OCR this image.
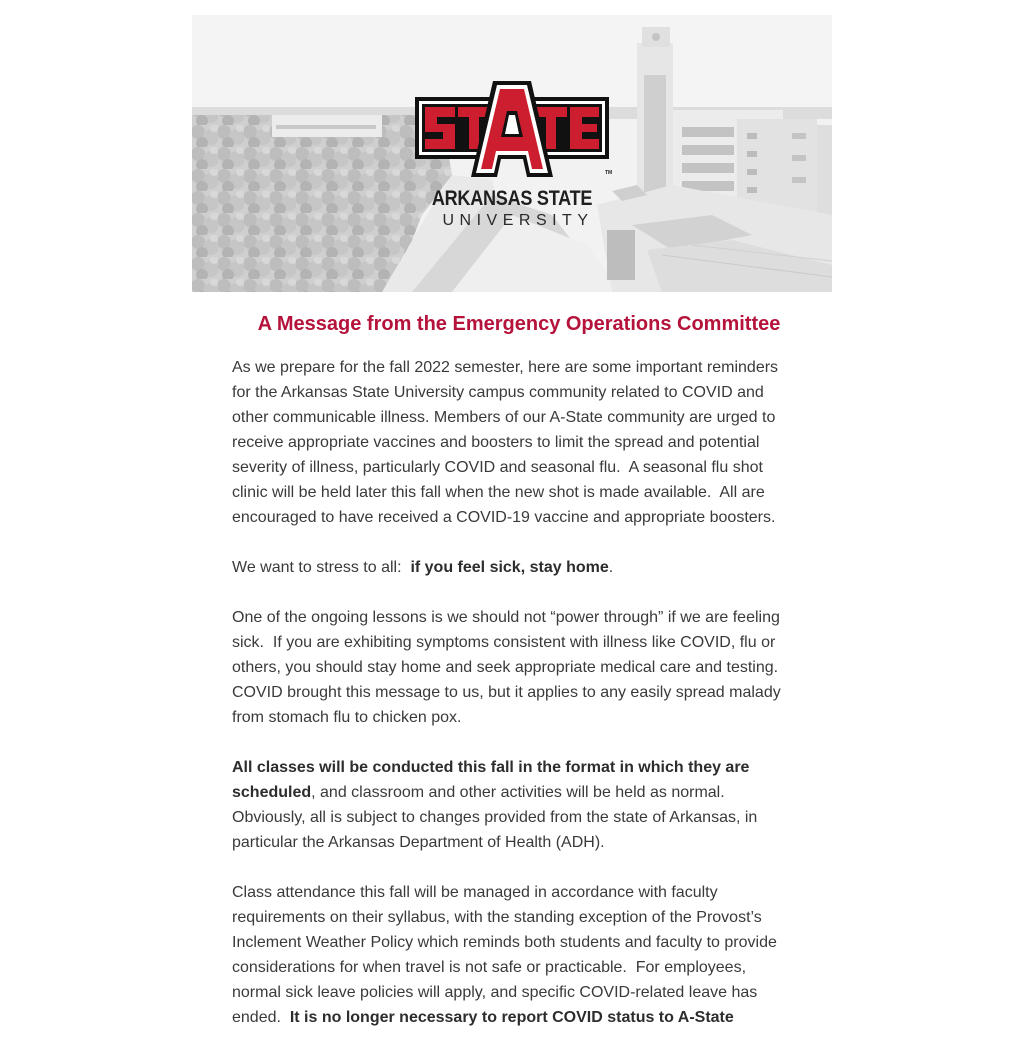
TM
ARKANSAS STATE
UNIVERSITY
A Message from the Emergency Operations Committee

As we prepare for the fall 2022 semester, here are some important reminders for the Arkansas State University campus community related to COVID and other communicable illness. Members of our A-State community are urged to receive appropriate vaccines and boosters to limit the spread and potential severity of illness, particularly COVID and seasonal flu.  A seasonal flu shot clinic will be held later this fall when the new shot is made available.  All are encouraged to have received a COVID-19 vaccine and appropriate boosters.

We want to stress to all:  if you feel sick, stay home.

One of the ongoing lessons is we should not “power through” if we are feeling sick.  If you are exhibiting symptoms consistent with illness like COVID, flu or others, you should stay home and seek appropriate medical care and testing.  COVID brought this message to us, but it applies to any easily spread malady from stomach flu to chicken pox.

All classes will be conducted this fall in the format in which they are scheduled, and classroom and other activities will be held as normal.  Obviously, all is subject to changes provided from the state of Arkansas, in particular the Arkansas Department of Health (ADH).

Class attendance this fall will be managed in accordance with faculty requirements on their syllabus, with the standing exception of the Provost’s Inclement Weather Policy which reminds both students and faculty to provide considerations for when travel is not safe or practicable.  For employees, normal sick leave policies will apply, and specific COVID-related leave has ended.  It is no longer necessary to report COVID status to A-State
